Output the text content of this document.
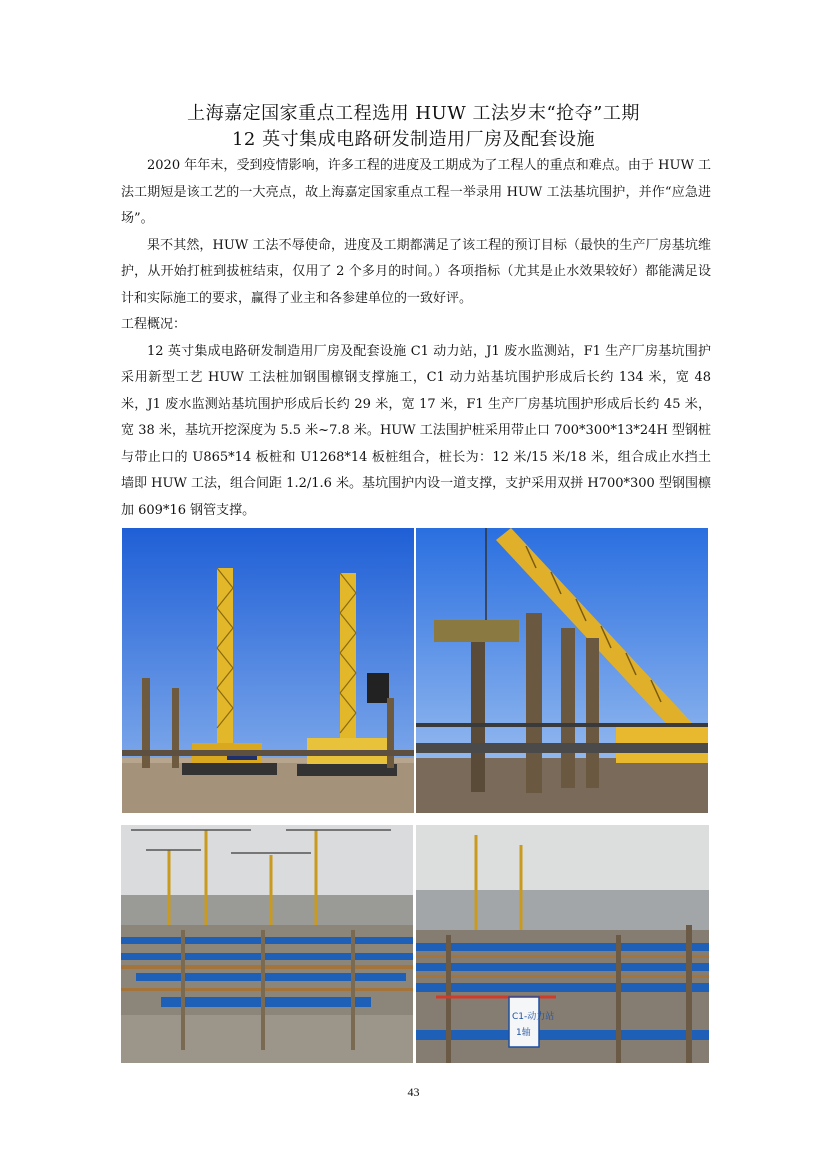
上海嘉定国家重点工程选用 HUW 工法岁末“抢夺”工期
12 英寸集成电路研发制造用厂房及配套设施

2020 年年末，受到疫情影响，许多工程的进度及工期成为了工程人的重点和难点。由于 HUW 工法工期短是该工艺的一大亮点，故上海嘉定国家重点工程一举录用 HUW 工法基坑围护，并作“应急进场”。

果不其然，HUW 工法不辱使命，进度及工期都满足了该工程的预订目标（最快的生产厂房基坑维护，从开始打桩到拔桩结束，仅用了 2 个多月的时间。）各项指标（尤其是止水效果较好）都能满足设计和实际施工的要求，赢得了业主和各参建单位的一致好评。

工程概况：

12 英寸集成电路研发制造用厂房及配套设施 C1 动力站，J1 废水监测站，F1 生产厂房基坑围护采用新型工艺 HUW 工法桩加钢围檩钢支撑施工，C1 动力站基坑围护形成后长约 134 米，宽 48 米，J1 废水监测站基坑围护形成后长约 29 米，宽 17 米，F1 生产厂房基坑围护形成后长约 45 米，宽 38 米，基坑开挖深度为 5.5 米~7.8 米。HUW 工法围护桩采用带止口 700*300*13*24H 型钢桩与带止口的 U865*14 板桩和 U1268*14 板桩组合，桩长为：12 米/15 米/18 米，组合成止水挡土墙即 HUW 工法，组合间距 1.2/1.6 米。基坑围护内设一道支撑，支护采用双拼 H700*300 型钢围檩加 609*16 钢管支撑。

C1-动力站
1轴
43
